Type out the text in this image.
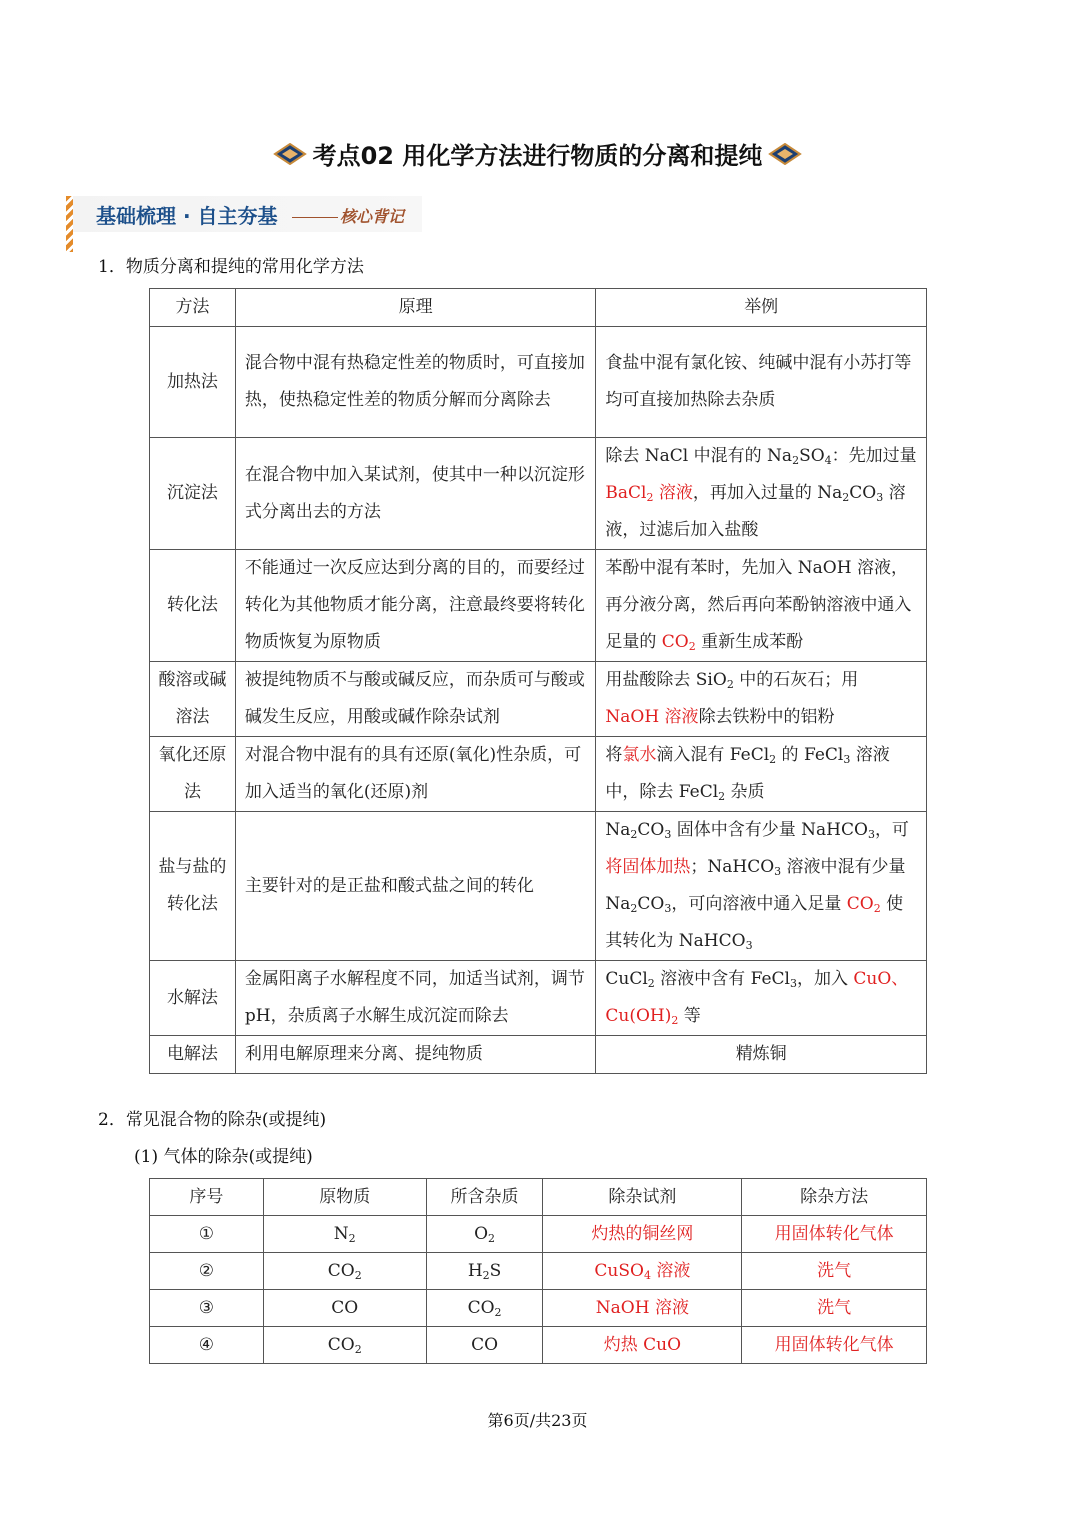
考点02 用化学方法进行物质的分离和提纯
基础梳理 · 自主夯基	核心背记
1．物质分离和提纯的常用化学方法
方法	原理	举例
加热法	混合物中混有热稳定性差的物质时，可直接加热，使热稳定性差的物质分解而分离除去	食盐中混有氯化铵、纯碱中混有小苏打等均可直接加热除去杂质
沉淀法	在混合物中加入某试剂，使其中一种以沉淀形式分离出去的方法	除去 NaCl 中混有的 $Na_2SO_4$：先加过量 BaCl$_2$ 溶液，再加入过量的 $Na_2CO_3$ 溶液，过滤后加入盐酸
转化法	不能通过一次反应达到分离的目的，而要经过转化为其他物质才能分离，注意最终要将转化物质恢复为原物质	苯酚中混有苯时，先加入 NaOH 溶液，再分液分离，然后再向苯酚钠溶液中通入足量的 $CO_2$ 重新生成苯酚
酸溶或碱溶法	被提纯物质不与酸或碱反应，而杂质可与酸或碱发生反应，用酸或碱作除杂试剂	用盐酸除去 SiO$_2$ 中的石灰石；用 NaOH 溶液除去铁粉中的铝粉
氧化还原法	对混合物中混有的具有还原(氧化)性杂质，可加入适当的氧化(还原)剂	将氯水滴入混有 FeCl$_2$ 的 FeCl$_3$ 溶液中，除去 FeCl$_2$ 杂质
盐与盐的转化法	主要针对的是正盐和酸式盐之间的转化	$Na_2CO_3$ 固体中含有少量 NaHCO$_3$，可将固体加热；NaHCO$_3$ 溶液中混有少量 $Na_2CO_3$，可向溶液中通入足量 $CO_2$ 使其转化为 NaHCO$_3$
水解法	金属阳离子水解程度不同，加适当试剂，调节pH，杂质离子水解生成沉淀而除去	CuCl$_2$ 溶液中含有 FeCl$_3$，加入 CuO、$Cu(OH)_2$ 等
电解法	利用电解原理来分离、提纯物质	精炼铜
2．常见混合物的除杂(或提纯)
(1) 气体的除杂(或提纯)
序号	原物质	所含杂质	除杂试剂	除杂方法
①	$N_2$	$O_2$	灼热的铜丝网	用固体转化气体
②	$CO_2$	$H_2S$	CuSO$_4$ 溶液	洗气
③	CO	$CO_2$	NaOH 溶液	洗气
④	$CO_2$	CO	灼热 CuO	用固体转化气体
第6页/共23页
